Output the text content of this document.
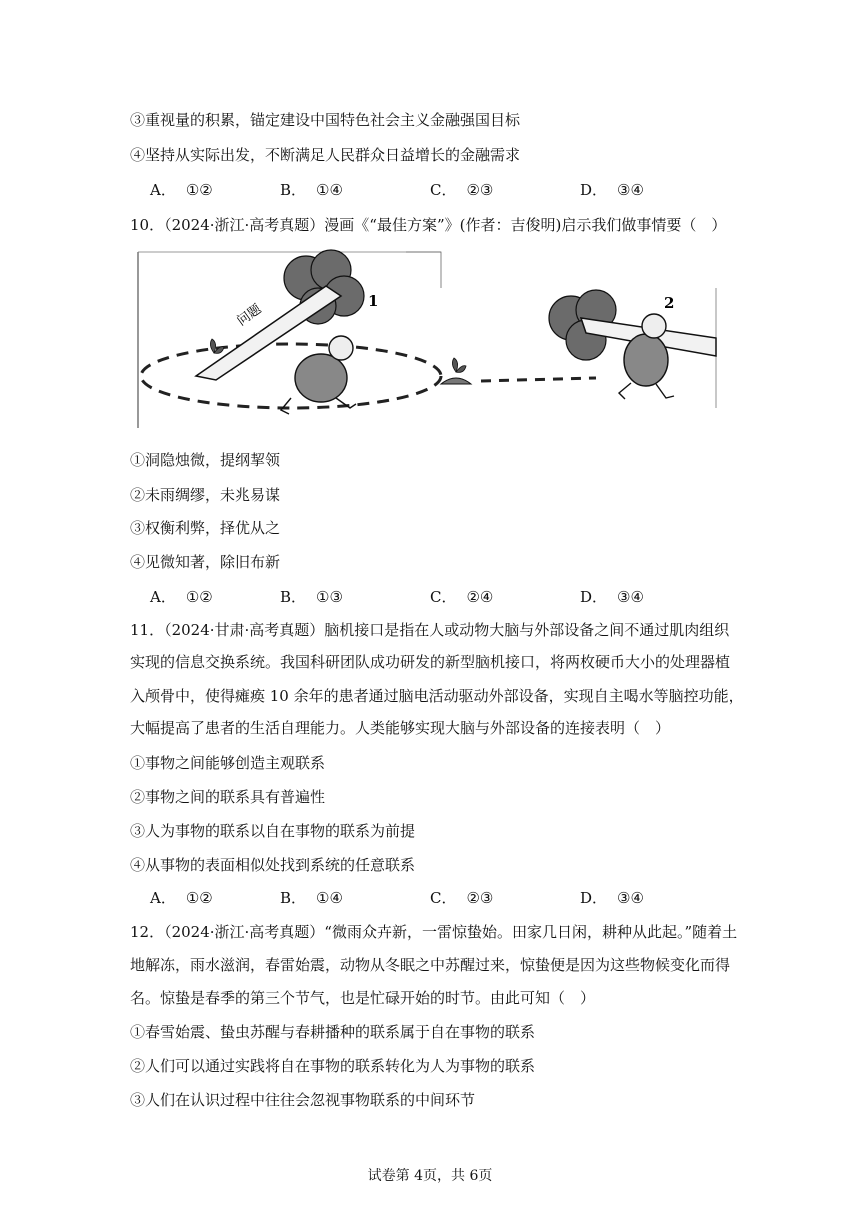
③重视量的积累，锚定建设中国特色社会主义金融强国目标
④坚持从实际出发，不断满足人民群众日益增长的金融需求
A． ①②	B． ①④	C． ②③	D． ③④
10．（2024·浙江·高考真题）漫画《“最佳方案”》(作者：吉俊明)启示我们做事情要（　）
问题
1	2
①洞隐烛微，提纲挈领
②未雨绸缪，未兆易谋
③权衡利弊，择优从之
④见微知著，除旧布新
A． ①②	B． ①③	C． ②④	D． ③④
11．（2024·甘肃·高考真题）脑机接口是指在人或动物大脑与外部设备之间不通过肌肉组织
实现的信息交换系统。我国科研团队成功研发的新型脑机接口，将两枚硬币大小的处理器植
入颅骨中，使得瘫痪 10 余年的患者通过脑电活动驱动外部设备，实现自主喝水等脑控功能，
大幅提高了患者的生活自理能力。人类能够实现大脑与外部设备的连接表明（　）
①事物之间能够创造主观联系
②事物之间的联系具有普遍性
③人为事物的联系以自在事物的联系为前提
④从事物的表面相似处找到系统的任意联系
A． ①②	B． ①④	C． ②③	D． ③④
12．（2024·浙江·高考真题）“微雨众卉新，一雷惊蛰始。田家几日闲，耕种从此起。”随着土
地解冻，雨水滋润，春雷始震，动物从冬眠之中苏醒过来，惊蛰便是因为这些物候变化而得
名。惊蛰是春季的第三个节气，也是忙碌开始的时节。由此可知（　）
①春雪始震、蛰虫苏醒与春耕播种的联系属于自在事物的联系
②人们可以通过实践将自在事物的联系转化为人为事物的联系
③人们在认识过程中往往会忽视事物联系的中间环节
试卷第 4页，共 6页
